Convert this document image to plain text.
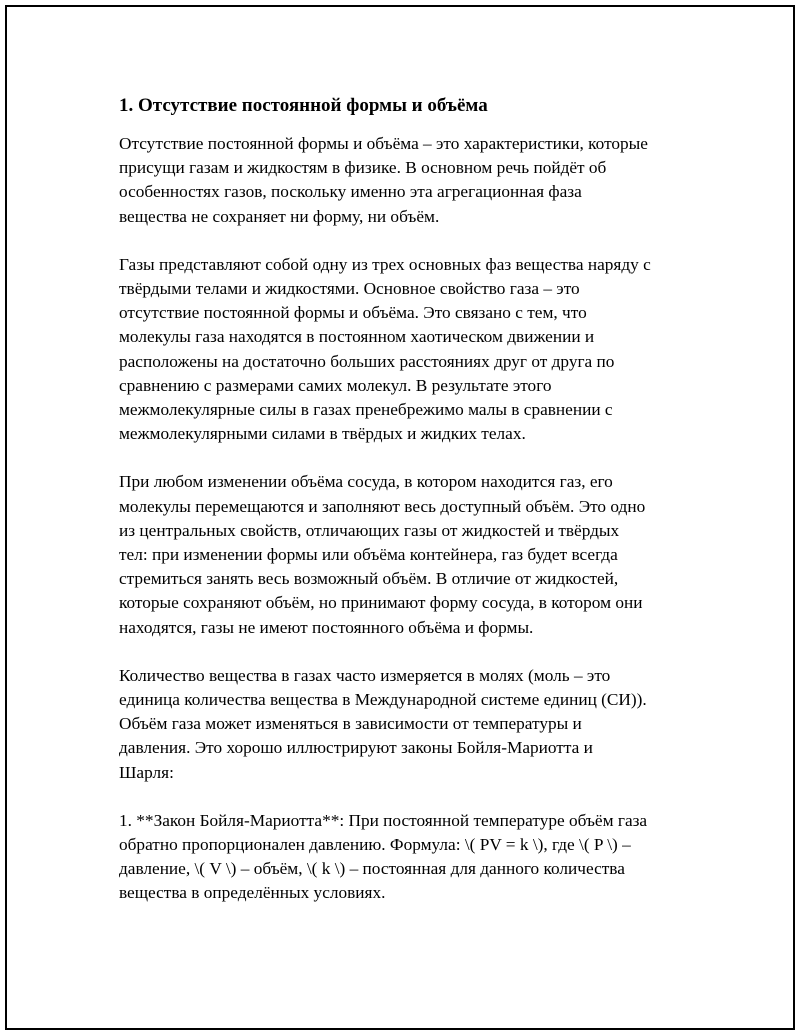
1. Отсутствие постоянной формы и объёма
Отсутствие постоянной формы и объёма – это характеристики, которые
присущи газам и жидкостям в физике. В основном речь пойдёт об
особенностях газов, поскольку именно эта агрегационная фаза
вещества не сохраняет ни форму, ни объём.
Газы представляют собой одну из трех основных фаз вещества наряду с
твёрдыми телами и жидкостями. Основное свойство газа – это
отсутствие постоянной формы и объёма. Это связано с тем, что
молекулы газа находятся в постоянном хаотическом движении и
расположены на достаточно больших расстояниях друг от друга по
сравнению с размерами самих молекул. В результате этого
межмолекулярные силы в газах пренебрежимо малы в сравнении с
межмолекулярными силами в твёрдых и жидких телах.
При любом изменении объёма сосуда, в котором находится газ, его
молекулы перемещаются и заполняют весь доступный объём. Это одно
из центральных свойств, отличающих газы от жидкостей и твёрдых
тел: при изменении формы или объёма контейнера, газ будет всегда
стремиться занять весь возможный объём. В отличие от жидкостей,
которые сохраняют объём, но принимают форму сосуда, в котором они
находятся, газы не имеют постоянного объёма и формы.
Количество вещества в газах часто измеряется в молях (моль – это
единица количества вещества в Международной системе единиц (СИ)).
Объём газа может изменяться в зависимости от температуры и
давления. Это хорошо иллюстрируют законы Бойля-Мариотта и
Шарля:
1. **Закон Бойля-Мариотта**: При постоянной температуре объём газа
обратно пропорционален давлению. Формула: \( PV = k \), где \( P \) –
давление, \( V \) – объём, \( k \) – постоянная для данного количества
вещества в определённых условиях.
